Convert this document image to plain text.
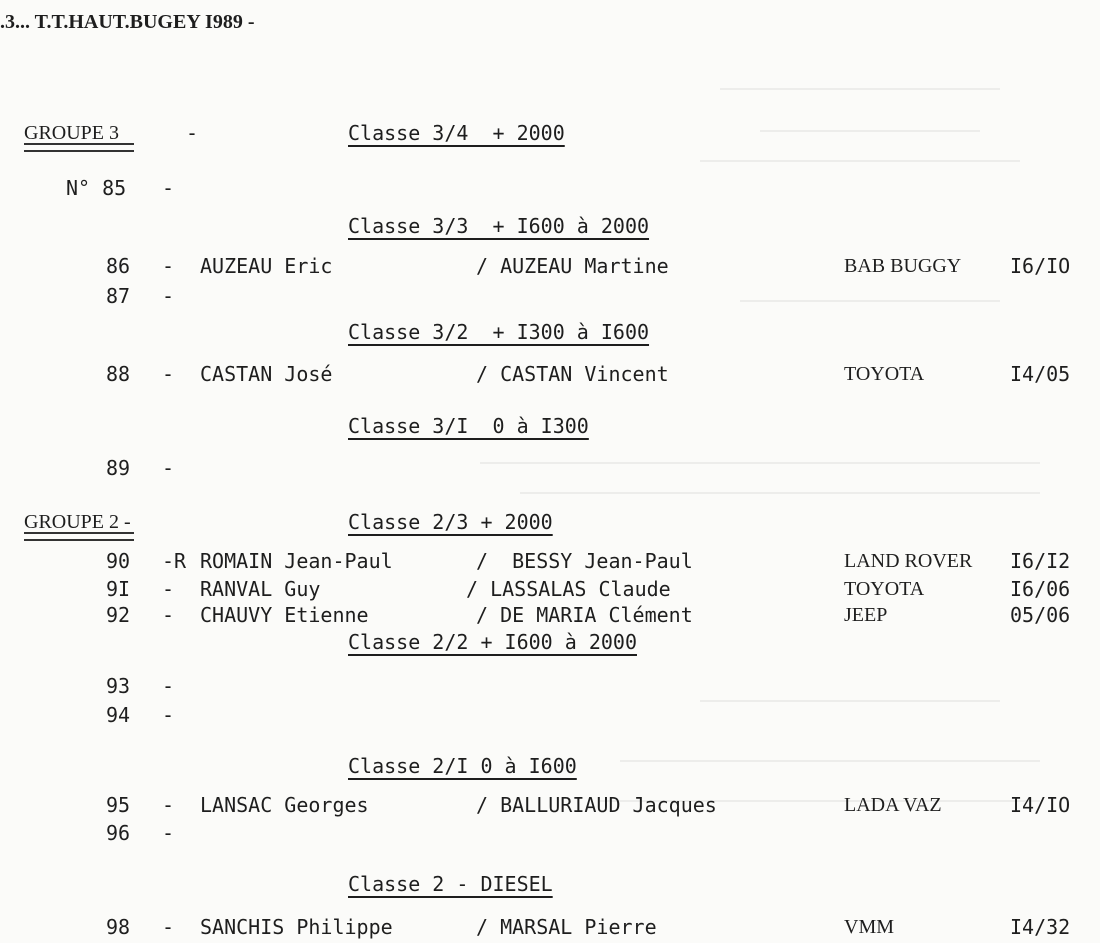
.3... T.T.HAUT.BUGEY I989 -
GROUPE 3	-	Classe 3/4  + 2000
N° 85 -
Classe 3/3  + I600 à 2000
86 - AUZEAU Eric	/ AUZEAU Martine	BAB BUGGY I6/IO
87 -
Classe 3/2  + I300 à I600
88 - CASTAN José	/ CASTAN Vincent	TOYOTA	I4/05
Classe 3/I  0 à I300
89 -
GROUPE 2 -	Classe 2/3 + 2000
90 -R ROMAIN Jean-Paul	/  BESSY Jean-Paul	LAND ROVER I6/I2
9I - RANVAL Guy	/ LASSALAS Claude	TOYOTA	I6/06
92 - CHAUVY Etienne	/ DE MARIA Clément	JEEP	05/06
Classe 2/2 + I600 à 2000
93 -
94 -
Classe 2/I 0 à I600
95 - LANSAC Georges	/ BALLURIAUD Jacques	LADA VAZ	I4/IO
96 -
Classe 2 - DIESEL
98 - SANCHIS Philippe	/ MARSAL Pierre	VMM	I4/32
